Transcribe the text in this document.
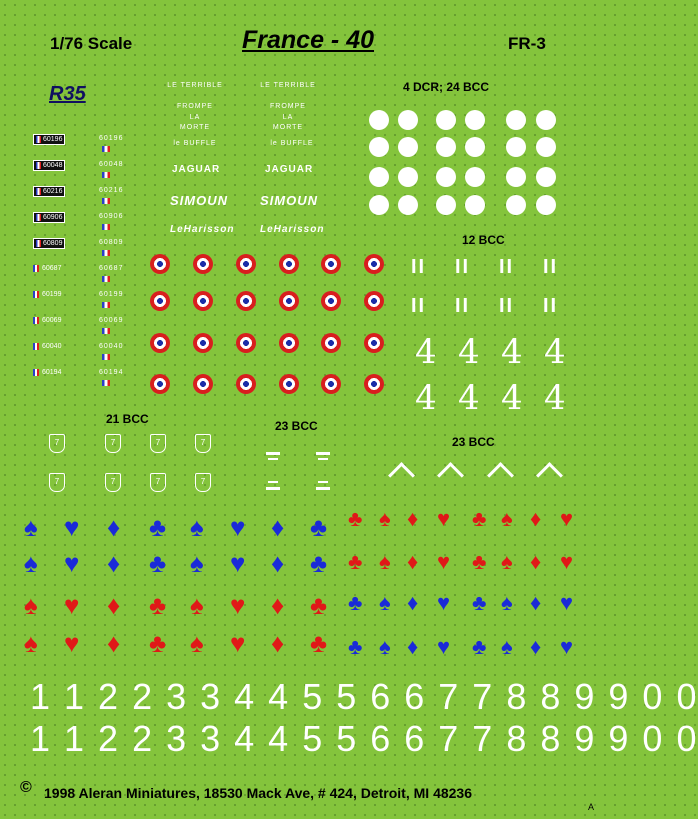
1/76 Scale	France - 40	FR-3
R35
60196	60196
60048	60048
60216	60216
60906	60906
60809	60809
60687	60687
60199	60199
60069	60069
60040	60040
60194	60194
LE TERRIBLE
FROMPE
LA
MORTE
le BUFFLE
JAGUAR
SIMOUN
LeHarisson
LE TERRIBLE
FROMPE
LA
MORTE
le BUFFLE
JAGUAR
SIMOUN
LeHarisson
4 DCR; 24 BCC
12 BCC
21 BCC	23 BCC
23 BCC
II
II
II
II
II
II
II
II
4
4
4
4
4
4
4
4
7	7	7	7
7	7	7	7
♠ ♥ ♦ ♣ ♠ ♥ ♦ ♣
♠ ♥ ♦ ♣ ♠ ♥ ♦ ♣
♠ ♥ ♦ ♣ ♠ ♥ ♦ ♣
♠ ♥ ♦ ♣ ♠ ♥ ♦ ♣
♣ ♠ ♦ ♥ ♣ ♠ ♦ ♥
♣ ♠ ♦ ♥ ♣ ♠ ♦ ♥
♣ ♠ ♦ ♥ ♣ ♠ ♦ ♥
♣ ♠ ♦ ♥ ♣ ♠ ♦ ♥
1 1 2 2 3 3 4 4 5 5 6 6 7 7 8 8 9 9 0 0
1 1 2 2 3 3 4 4 5 5 6 6 7 7 8 8 9 9 0 0
© 1998 Aleran Miniatures, 18530 Mack Ave, # 424, Detroit, MI 48236
A
